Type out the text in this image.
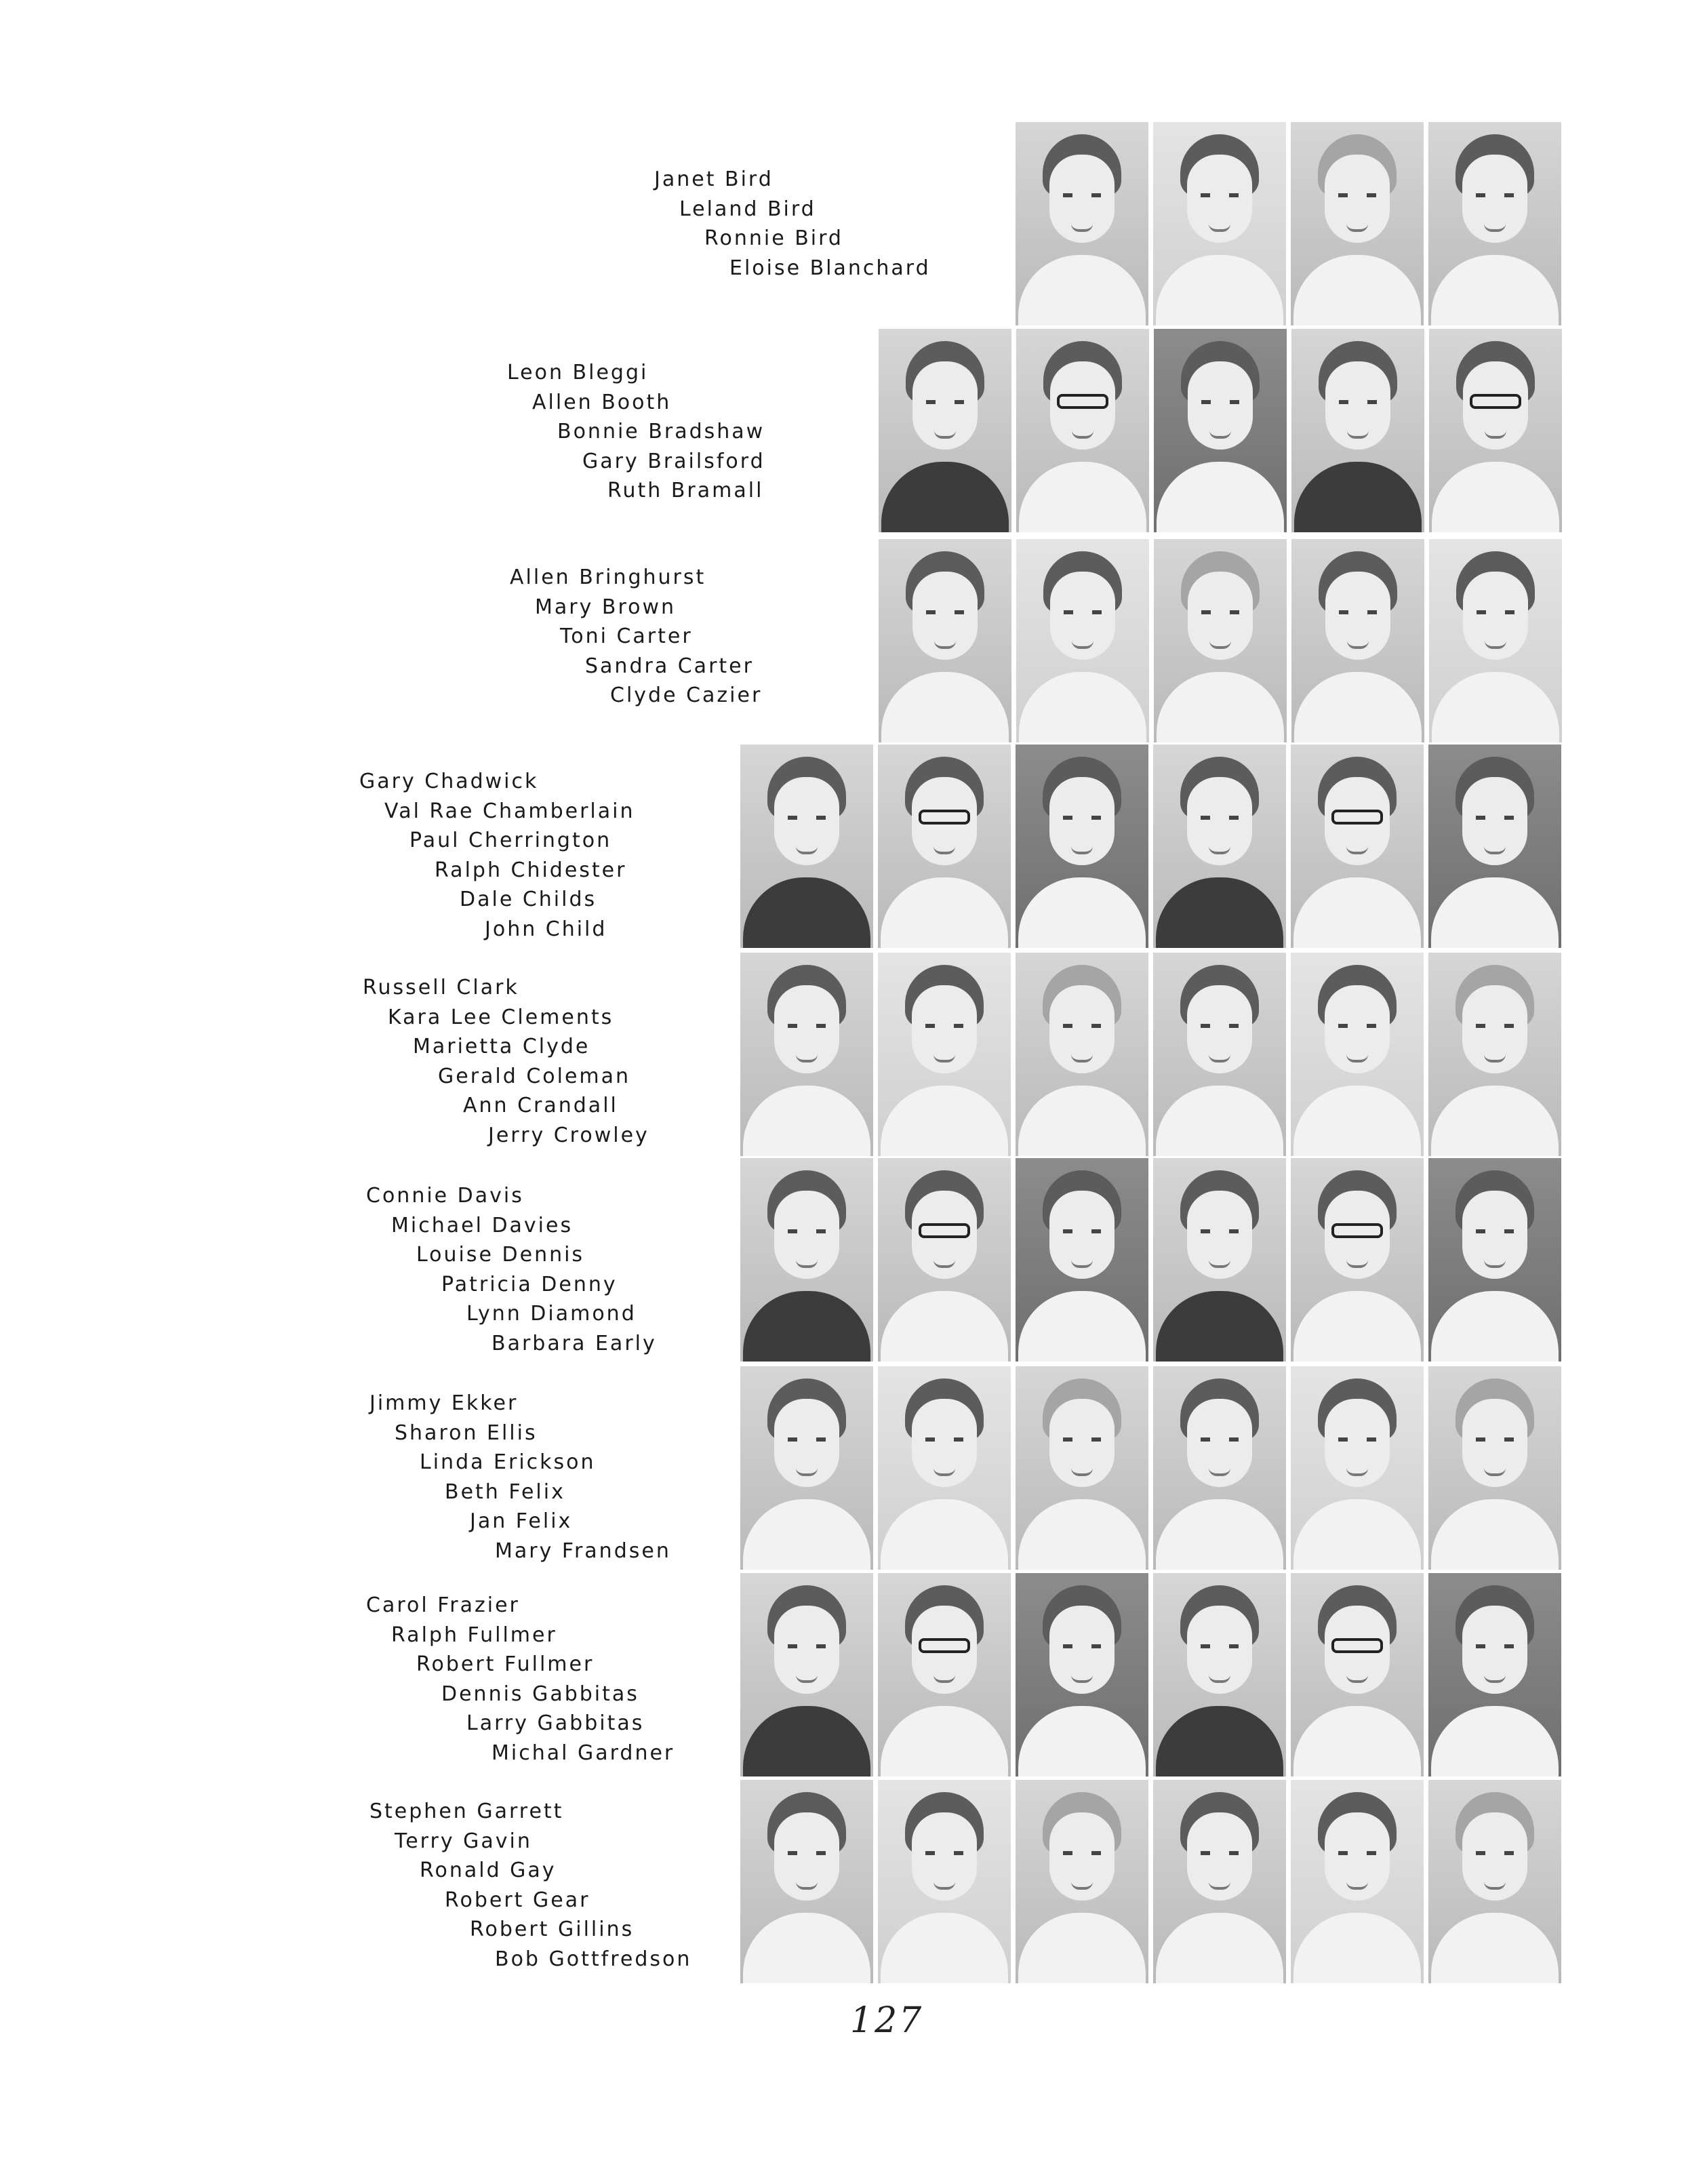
Janet Bird
Leland Bird
Ronnie Bird
Eloise Blanchard
Leon Bleggi
Allen Booth
Bonnie Bradshaw
Gary Brailsford
Ruth Bramall
Allen Bringhurst
Mary Brown
Toni Carter
Sandra Carter
Clyde Cazier
Gary Chadwick
Val Rae Chamberlain
Paul Cherrington
Ralph Chidester
Dale Childs
John Child
Russell Clark
Kara Lee Clements
Marietta Clyde
Gerald Coleman
Ann Crandall
Jerry Crowley
Connie Davis
Michael Davies
Louise Dennis
Patricia Denny
Lynn Diamond
Barbara Early
Jimmy Ekker
Sharon Ellis
Linda Erickson
Beth Felix
Jan Felix
Mary Frandsen
Carol Frazier
Ralph Fullmer
Robert Fullmer
Dennis Gabbitas
Larry Gabbitas
Michal Gardner
Stephen Garrett
Terry Gavin
Ronald Gay
Robert Gear
Robert Gillins
Bob Gottfredson
127
